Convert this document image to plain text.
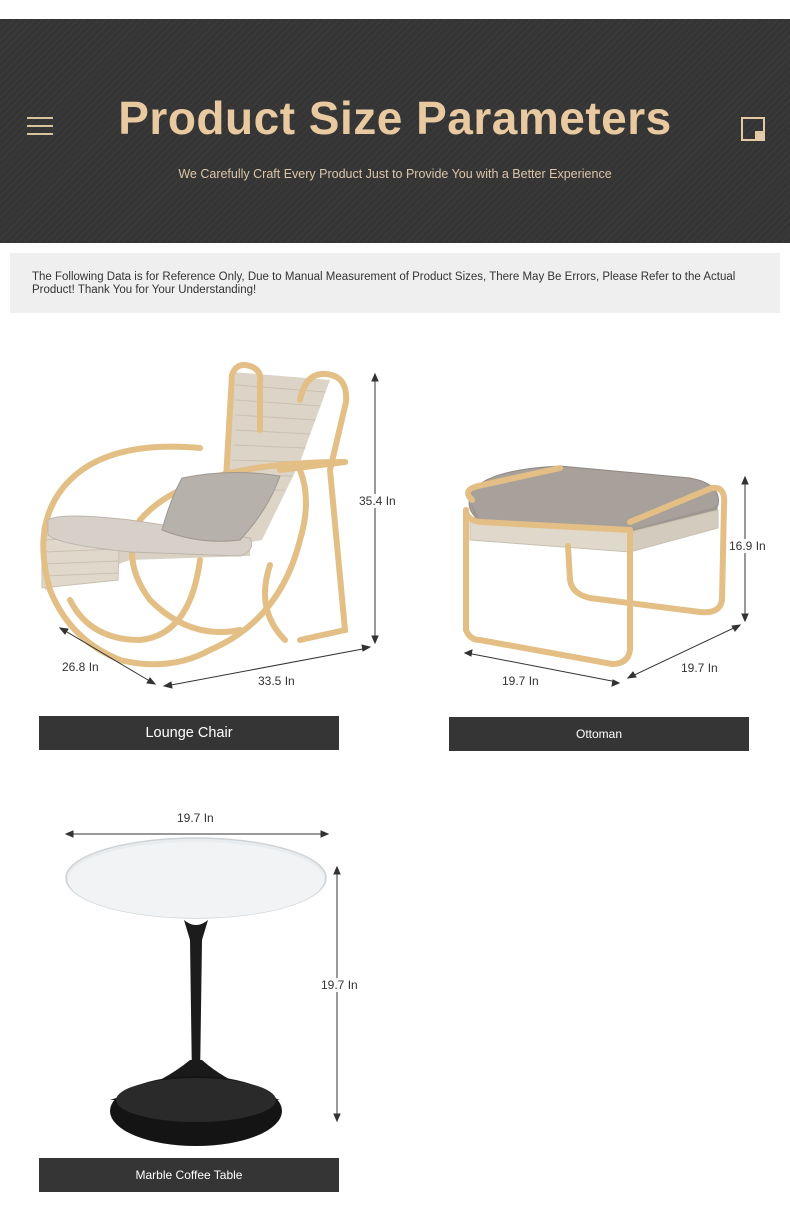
Product Size Parameters
We Carefully Craft Every Product Just to Provide You with a Better Experience
The Following Data is for Reference Only, Due to Manual Measurement of Product Sizes, There May Be Errors, Please Refer to the Actual Product! Thank You for Your Understanding!
35.4 In
26.8 In
33.5 In
Lounge Chair
16.9 In
19.7 In
19.7 In
Ottoman
19.7 In
19.7 In
Marble Coffee Table
